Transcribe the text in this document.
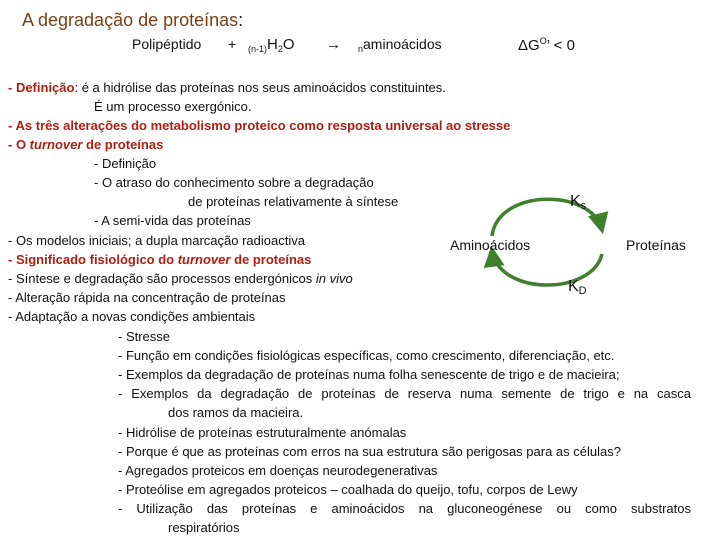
A degradação de proteínas:
Polipéptido + $_{(n-1)}H_2O$ → $_n$aminoácidos	$\Delta G^O$’ < 0
- Definição: é a hidrólise das proteínas nos seus aminoácidos constituintes.
É um processo exergónico.
- As três alterações do metabolismo proteico como resposta universal ao stresse
- O turnover de proteínas
- Definição
- O atraso do conhecimento sobre a degradação
de proteínas relativamente à síntese
- A semi-vida das proteínas
- Os modelos iniciais; a dupla marcação radioactiva
- Significado fisiológico do turnover de proteínas
- Síntese e degradação são processos endergónicos in vivo
- Alteração rápida na concentração de proteínas
- Adaptação a novas condições ambientais
- Stresse
- Função em condições fisiológicas específicas, como crescimento, diferenciação, etc.
- Exemplos da degradação de proteínas numa folha senescente de trigo e de macieira;
- Exemplos da degradação de proteínas de reserva numa semente de trigo e na casca
dos ramos da macieira.
- Hidrólise de proteínas estruturalmente anómalas
- Porque é que as proteínas com erros na sua estrutura são perigosas para as células?
- Agregados proteicos em doenças neurodegenerativas
- Proteólise em agregados proteicos – coalhada do queijo, tofu, corpos de Lewy
- Utilização das proteínas e aminoácidos na gluconeogénese ou como substratos
respiratórios
Aminoácidos	Proteínas
$K_s$
$K_D$
